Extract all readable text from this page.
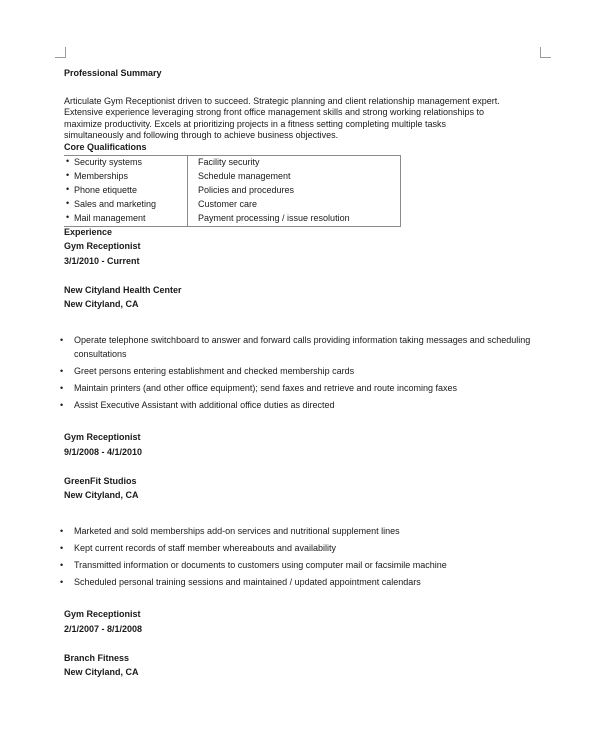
Professional Summary
Articulate Gym Receptionist driven to succeed. Strategic planning and client relationship management expert. Extensive experience leveraging strong front office management skills and strong working relationships to maximize productivity. Excels at prioritizing projects in a fitness setting completing multiple tasks simultaneously and following through to achieve business objectives.
Core Qualifications
• Security systems	Facility security

• Memberships	Schedule management

• Phone etiquette	Policies and procedures

• Sales and marketing	Customer care

• Mail management	Payment processing / issue resolution
Experience
Gym Receptionist
3/1/2010 - Current
New Cityland Health Center
New Cityland, CA
• Operate telephone switchboard to answer and forward calls providing information taking messages and scheduling consultations
• Greet persons entering establishment and checked membership cards
• Maintain printers (and other office equipment); send faxes and retrieve and route incoming faxes
• Assist Executive Assistant with additional office duties as directed
Gym Receptionist
9/1/2008 - 4/1/2010
GreenFit Studios
New Cityland, CA
• Marketed and sold memberships add-on services and nutritional supplement lines
• Kept current records of staff member whereabouts and availability
• Transmitted information or documents to customers using computer mail or facsimile machine
• Scheduled personal training sessions and maintained / updated appointment calendars
Gym Receptionist
2/1/2007 - 8/1/2008
Branch Fitness
New Cityland, CA
